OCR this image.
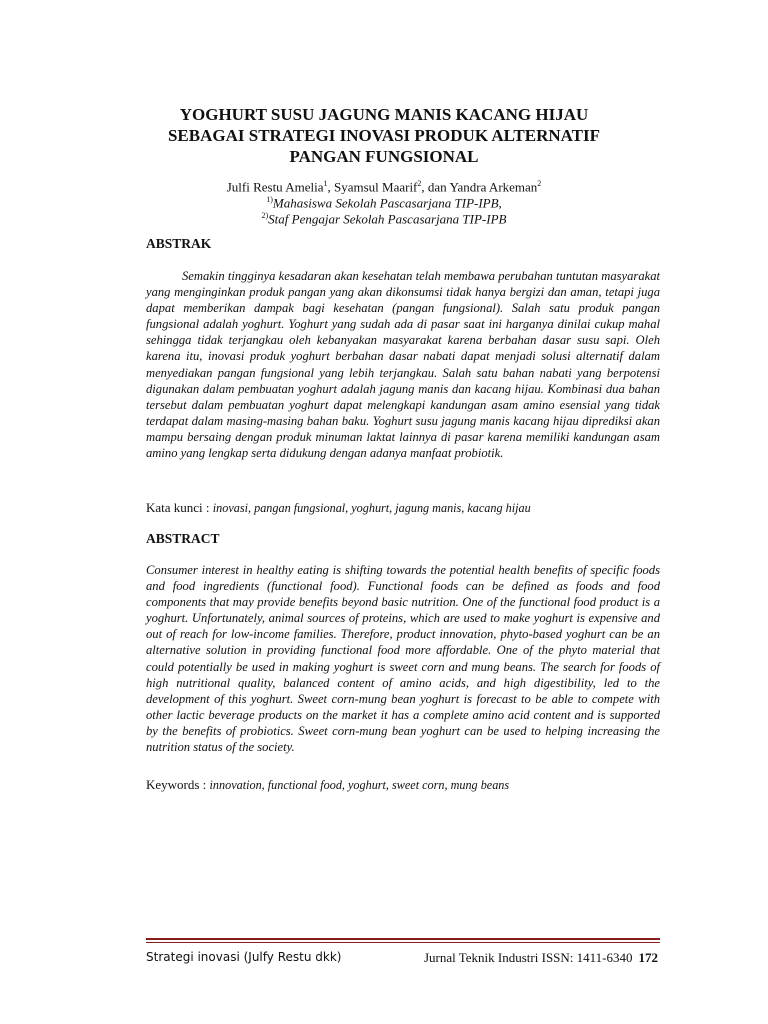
YOGHURT SUSU JAGUNG MANIS KACANG HIJAU
SEBAGAI STRATEGI INOVASI PRODUK ALTERNATIF
PANGAN FUNGSIONAL
Julfi Restu Amelia$^1$, Syamsul Maarif$^2$, dan Yandra Arkeman$^2$
$^{1)}$Mahasiswa Sekolah Pascasarjana TIP-IPB,
$^{2)}$Staf Pengajar Sekolah Pascasarjana TIP-IPB
ABSTRAK

Semakin tingginya kesadaran akan kesehatan telah membawa perubahan tuntutan masyarakat yang menginginkan produk pangan yang akan dikonsumsi tidak hanya bergizi dan aman, tetapi juga dapat memberikan dampak bagi kesehatan (pangan fungsional). Salah satu produk pangan fungsional adalah yoghurt. Yoghurt yang sudah ada di pasar saat ini harganya dinilai cukup mahal sehingga tidak terjangkau oleh kebanyakan masyarakat karena berbahan dasar susu sapi. Oleh karena itu, inovasi produk yoghurt berbahan dasar nabati dapat menjadi solusi alternatif dalam menyediakan pangan fungsional yang lebih terjangkau. Salah satu bahan nabati yang berpotensi digunakan dalam pembuatan yoghurt adalah jagung manis dan kacang hijau. Kombinasi dua bahan tersebut dalam pembuatan yoghurt dapat melengkapi kandungan asam amino esensial yang tidak terdapat dalam masing-masing bahan baku. Yoghurt susu jagung manis kacang hijau diprediksi akan mampu bersaing dengan produk minuman laktat lainnya di pasar karena memiliki kandungan asam amino yang lengkap serta didukung dengan adanya manfaat probiotik.

Kata kunci : inovasi, pangan fungsional, yoghurt, jagung manis, kacang hijau
ABSTRACT

Consumer interest in healthy eating is shifting towards the potential health benefits of specific foods and food ingredients (functional food). Functional foods can be defined as foods and food components that may provide benefits beyond basic nutrition. One of the functional food product is a yoghurt. Unfortunately, animal sources of proteins, which are used to make yoghurt is expensive and out of reach for low-income families. Therefore, product innovation, phyto-based yoghurt can be an alternative solution in providing functional food more affordable. One of the phyto material that could potentially be used in making yoghurt is sweet corn and mung beans. The search for foods of high nutritional quality, balanced content of amino acids, and high digestibility, led to the development of this yoghurt. Sweet corn-mung bean yoghurt is forecast to be able to compete with other lactic beverage products on the market it has a complete amino acid content and is supported by the benefits of probiotics. Sweet corn-mung bean yoghurt can be used to helping increasing the nutrition status of the society.

Keywords : innovation, functional food, yoghurt, sweet corn, mung beans
Strategi inovasi (Julfy Restu dkk)	Jurnal Teknik Industri ISSN: 1411-6340 172
